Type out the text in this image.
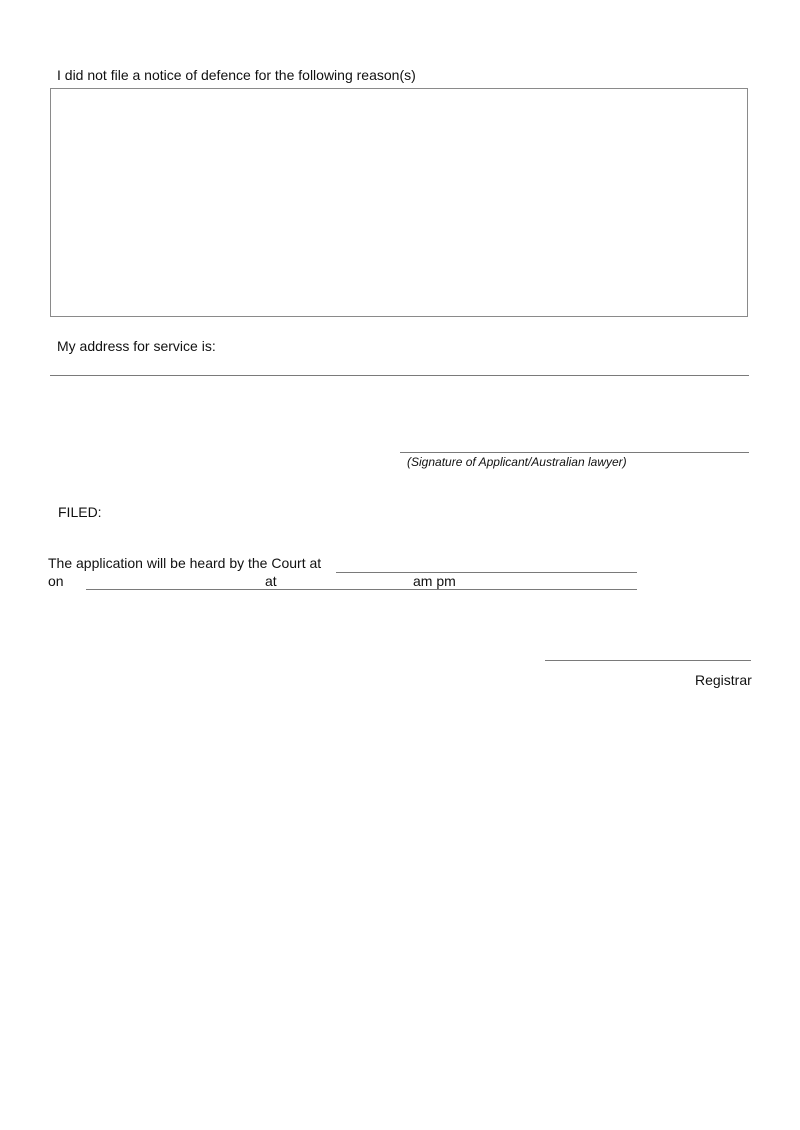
I did not file a notice of defence for the following reason(s)
My address for service is:
(Signature of Applicant/Australian lawyer)
FILED:
The application will be heard by the Court at
on	at	am pm
Registrar
